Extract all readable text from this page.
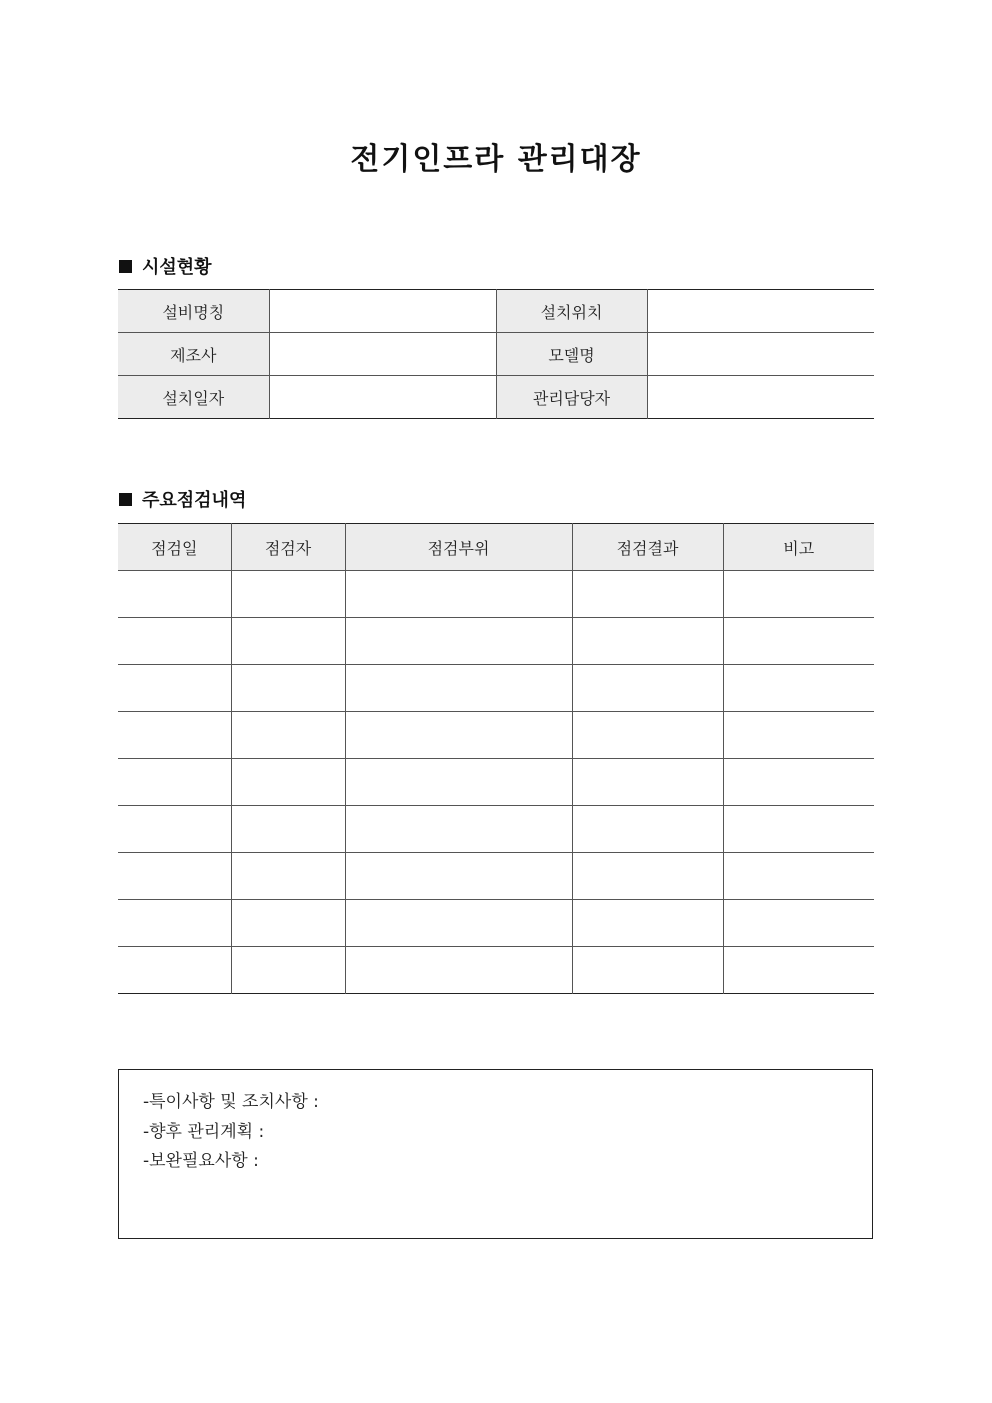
전기인프라 관리대장
시설현황
설비명칭		설치위치	
제조사		모델명	
설치일자		관리담당자	
주요점검내역
점검일	점검자	점검부위	점검결과	비고

-특이사항 및 조치사항 :
-향후 관리계획 :
-보완필요사항 :
